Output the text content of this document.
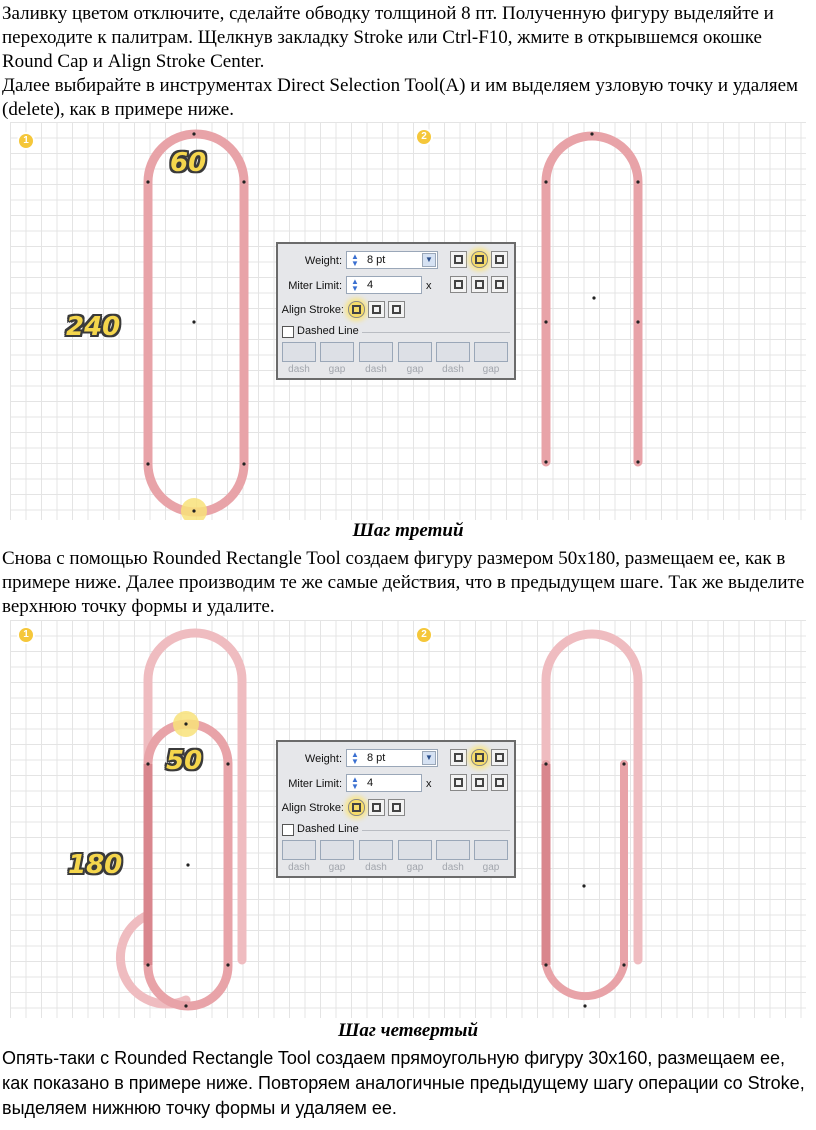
Заливку цветом отключите, сделайте обводку толщиной 8 пт. Полученную фигуру выделяйте и переходите к палитрам. Щелкнув закладку Stroke или Ctrl-F10, жмите в открывшемся окошке Round Cap и Align Stroke Center.

Далее выбирайте в инструментах Direct Selection Tool(A) и им выделяем узловую точку и удаляем (delete), как в примере ниже.

1	2
60
240
Weight: ▲
▼ 8 pt	▼
Miter Limit: ▲
▼ 4	x
Align Stroke:
Dashed Line
dash	gap	dash	gap	dash	gap
Шаг третий

Снова с помощью Rounded Rectangle Tool создаем фигуру размером 50x180, размещаем ее, как в примере ниже. Далее производим те же самые действия, что в предыдущем шаге. Так же выделите верхнюю точку формы и удалите.

1	2
50
180
Weight: ▲
▼ 8 pt	▼
Miter Limit: ▲
▼ 4	x
Align Stroke:
Dashed Line
dash	gap	dash	gap	dash	gap
Шаг четвертый

Опять-таки с Rounded Rectangle Tool создаем прямоугольную фигуру 30x160, размещаем ее, как показано в примере ниже. Повторяем аналогичные предыдущему шагу операции со Stroke, выделяем нижнюю точку формы и удаляем ее.
